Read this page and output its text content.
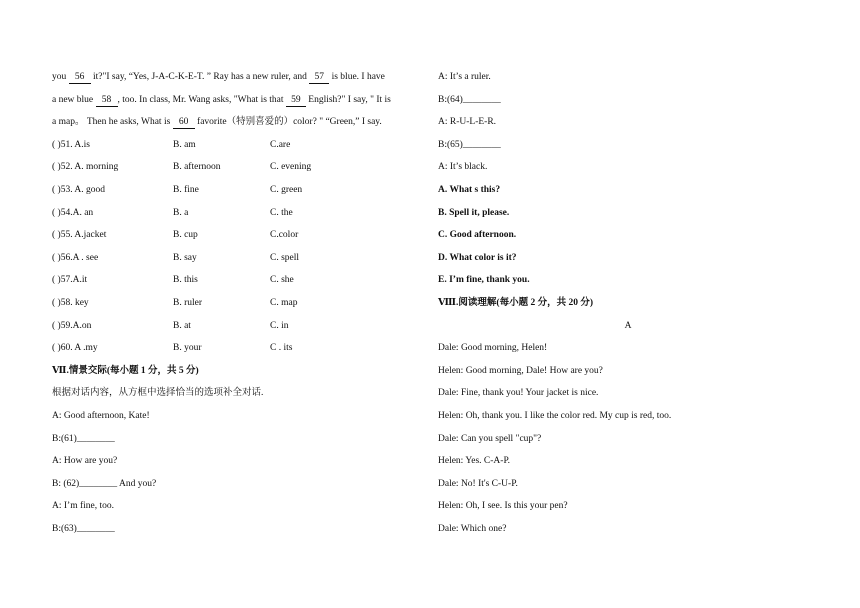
you 56 it?"I say, “Yes, J-A-C-K-E-T. ” Ray has a new ruler, and 57 is blue. I have
a new blue 58 , too. In class, Mr. Wang asks, "What is that 59 English?" I say, " It is
a map。 Then he asks, What is 60 favorite（特别喜爱的）color? " “Green,” I say.
( )51. A.is	B. am	C.are
( )52. A. morning	B. afternoon	C. evening
( )53. A. good	B. fine	C. green
( )54.A. an	B. a	C. the
( )55. A.jacket	B. cup	C.color
( )56.A . see	B. say	C. spell
( )57.A.it	B. this	C. she
( )58. key	B. ruler	C. map
( )59.A.on	B. at	C. in
( )60. A .my	B. your	C . its
Ⅶ.情景交际(每小题 1 分，共 5 分)
根据对话内容，从方框中选择恰当的选项补全对话.
A: Good afternoon, Kate!
B:(61)________
A: How are you?
B: (62)________ And you?
A: I’m fine, too.
B:(63)________
A: It’s a ruler.
B:(64)________
A: R-U-L-E-R.
B:(65)________
A: It’s black.
A. What s this?
B. Spell it, please.
C. Good afternoon.
D. What color is it?
E. I’m fine, thank you.
Ⅷ.阅读理解(每小题 2 分，共 20 分)
A
Dale: Good morning, Helen!
Helen: Good morning, Dale! How are you?
Dale: Fine, thank you! Your jacket is nice.
Helen: Oh, thank you. I like the color red. My cup is red, too.
Dale: Can you spell "cup"?
Helen: Yes. C-A-P.
Dale: No! It's C-U-P.
Helen: Oh, I see. Is this your pen?
Dale: Which one?
